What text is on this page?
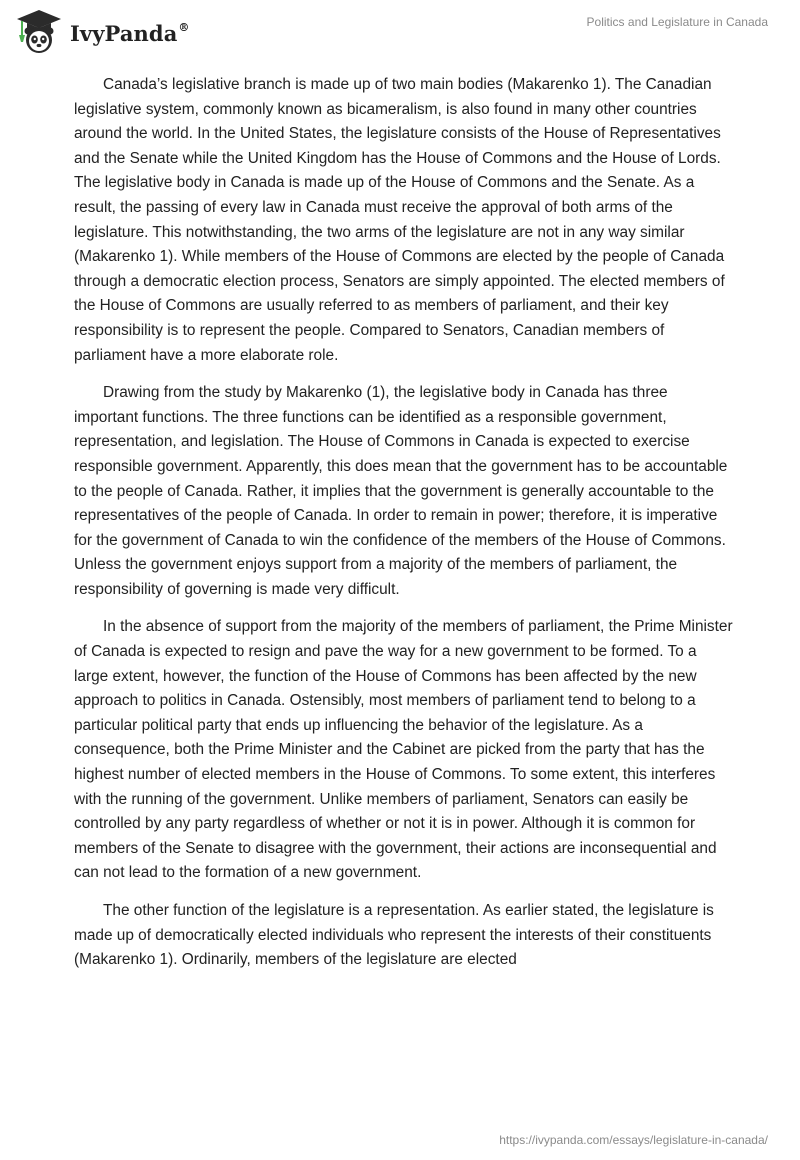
IvyPanda®	Politics and Legislature in Canada

Canada’s legislative branch is made up of two main bodies (Makarenko 1). The Canadian legislative system, commonly known as bicameralism, is also found in many other countries around the world. In the United States, the legislature consists of the House of Representatives and the Senate while the United Kingdom has the House of Commons and the House of Lords. The legislative body in Canada is made up of the House of Commons and the Senate. As a result, the passing of every law in Canada must receive the approval of both arms of the legislature. This notwithstanding, the two arms of the legislature are not in any way similar (Makarenko 1). While members of the House of Commons are elected by the people of Canada through a democratic election process, Senators are simply appointed. The elected members of the House of Commons are usually referred to as members of parliament, and their key responsibility is to represent the people. Compared to Senators, Canadian members of parliament have a more elaborate role.

Drawing from the study by Makarenko (1), the legislative body in Canada has three important functions. The three functions can be identified as a responsible government, representation, and legislation. The House of Commons in Canada is expected to exercise responsible government. Apparently, this does mean that the government has to be accountable to the people of Canada. Rather, it implies that the government is generally accountable to the representatives of the people of Canada. In order to remain in power; therefore, it is imperative for the government of Canada to win the confidence of the members of the House of Commons. Unless the government enjoys support from a majority of the members of parliament, the responsibility of governing is made very difficult.

In the absence of support from the majority of the members of parliament, the Prime Minister of Canada is expected to resign and pave the way for a new government to be formed. To a large extent, however, the function of the House of Commons has been affected by the new approach to politics in Canada. Ostensibly, most members of parliament tend to belong to a particular political party that ends up influencing the behavior of the legislature. As a consequence, both the Prime Minister and the Cabinet are picked from the party that has the highest number of elected members in the House of Commons. To some extent, this interferes with the running of the government. Unlike members of parliament, Senators can easily be controlled by any party regardless of whether or not it is in power. Although it is common for members of the Senate to disagree with the government, their actions are inconsequential and can not lead to the formation of a new government.

The other function of the legislature is a representation. As earlier stated, the legislature is made up of democratically elected individuals who represent the interests of their constituents (Makarenko 1). Ordinarily, members of the legislature are elected

https://ivypanda.com/essays/legislature-in-canada/
